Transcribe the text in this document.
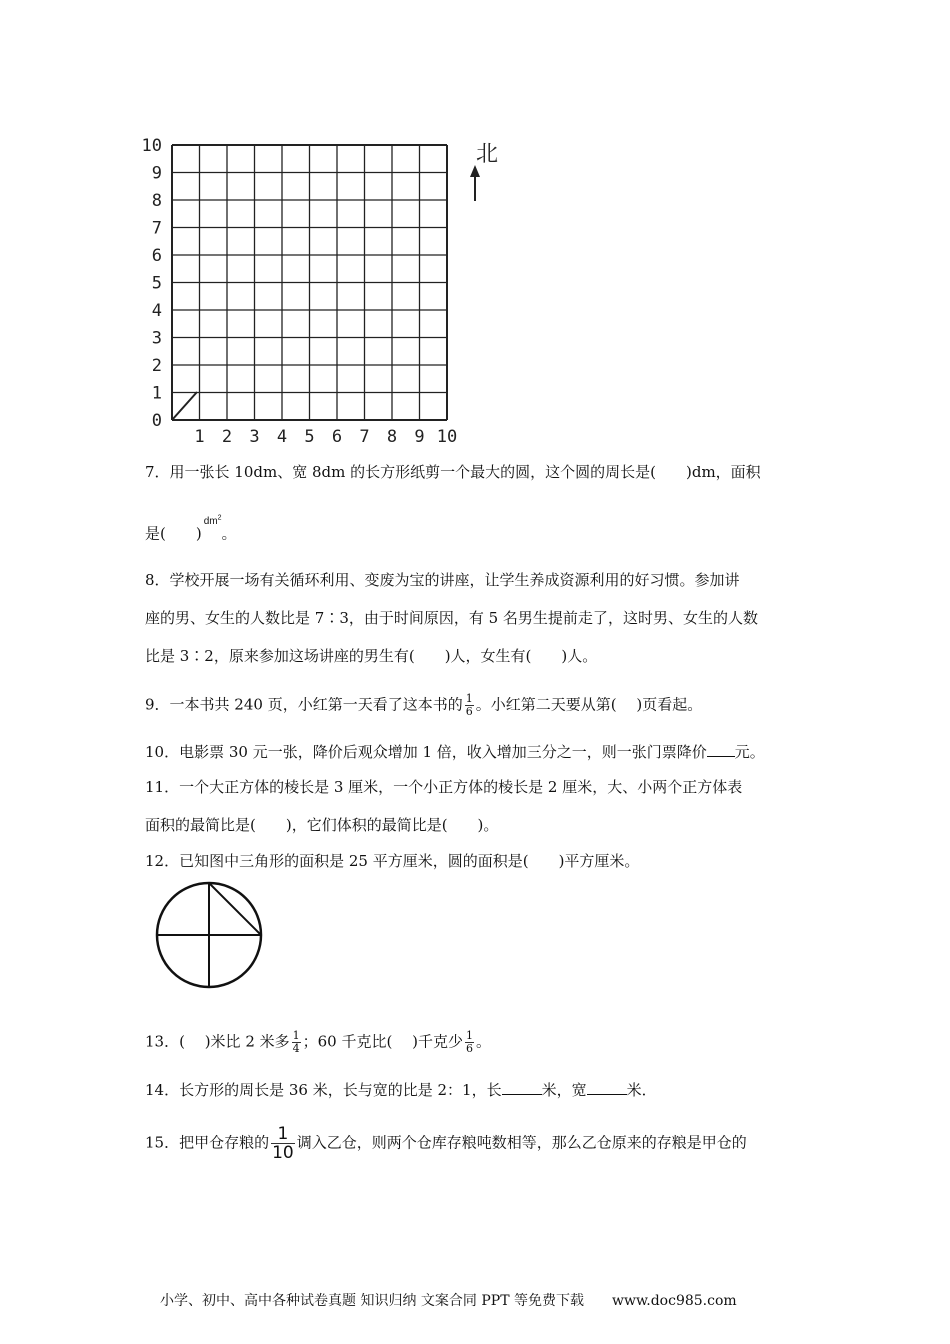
0
1
2
3
4
5
6
7
8
9
10
1 2 3 4 5 6 7 8 9 10
北
7．用一张长 10dm、宽 8dm 的长方形纸剪一个最大的圆，这个圆的周长是(　　)dm，面积
是(　　)$^{dm^2}$。
8．学校开展一场有关循环利用、变废为宝的讲座，让学生养成资源利用的好习惯。参加讲
座的男、女生的人数比是 7∶3，由于时间原因，有 5 名男生提前走了，这时男、女生的人数
比是 3∶2，原来参加这场讲座的男生有(　　)人，女生有(　　)人。
9．一本书共 240 页，小红第一天看了这本书的 $\frac{1}{6}$ 。小红第二天要从第(　 )页看起。
10．电影票 30 元一张，降价后观众增加 1 倍，收入增加三分之一，则一张门票降价 元。
11．一个大正方体的棱长是 3 厘米，一个小正方体的棱长是 2 厘米，大、小两个正方体表
面积的最简比是(　　)，它们体积的最简比是(　　)。
12．已知图中三角形的面积是 25 平方厘米，圆的面积是(　　)平方厘米。
13．(　 )米比 2 米多 $\frac{1}{4}$ ；60 千克比(　 )千克少 $\frac{1}{6}$ 。
14．长方形的周长是 36 米，长与宽的比是 2：1，长	米，宽	米．
15．把甲仓存粮的 $\frac{1}{10}$ 调入乙仓，则两个仓库存粮吨数相等，那么乙仓原来的存粮是甲仓的
小学、初中、高中各种试卷真题 知识归纳 文案合同 PPT 等免费下载 www.doc985.com
